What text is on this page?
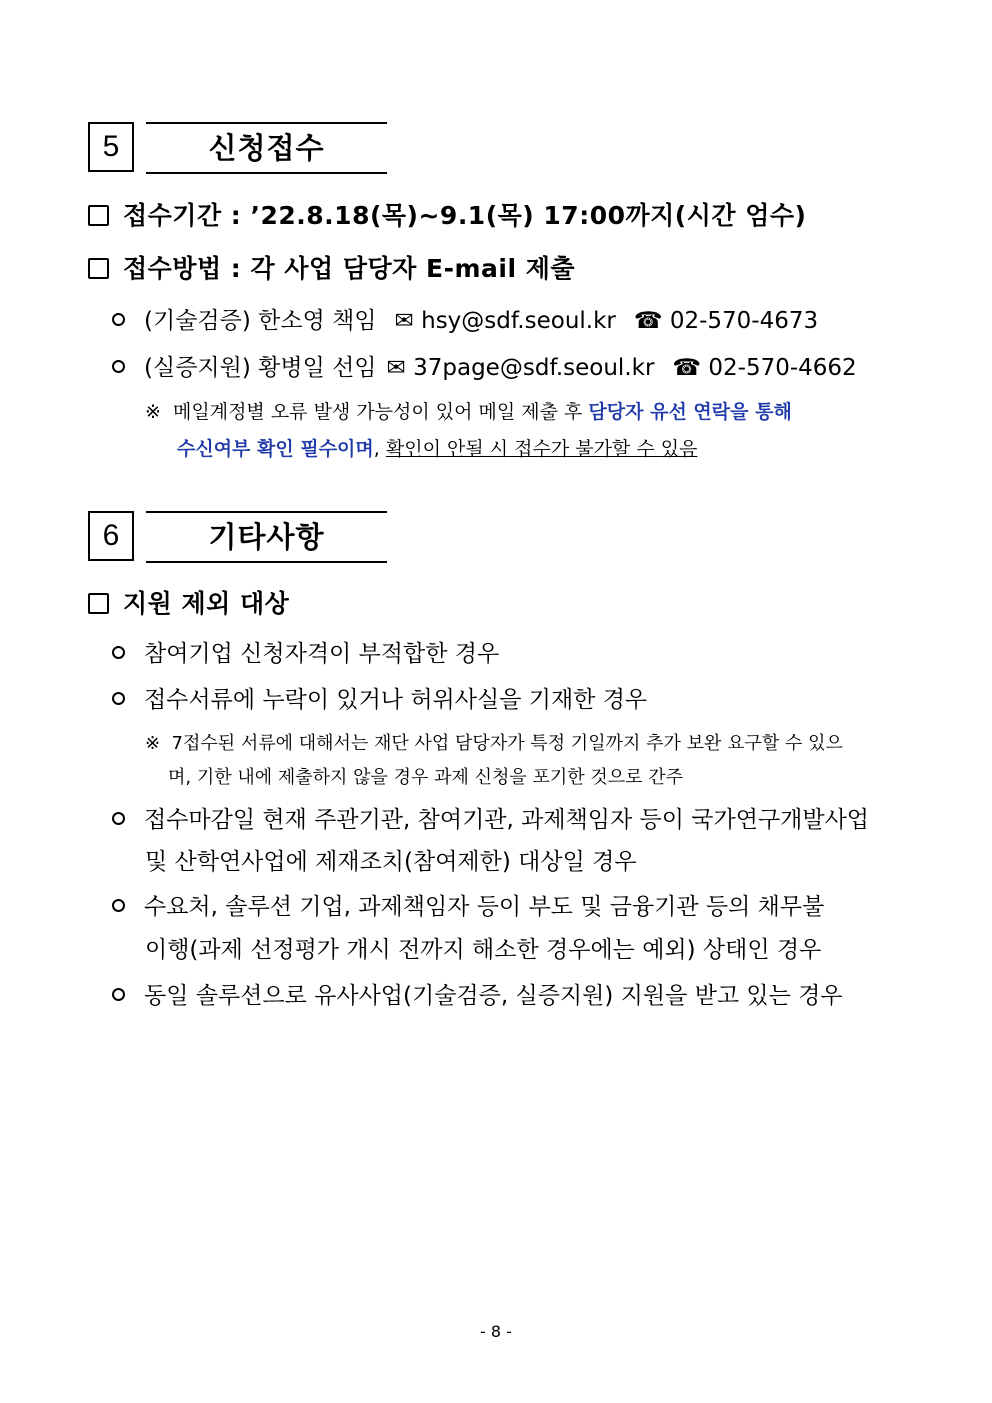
5	신청접수
접수기간 : ’22.8.18(목)~9.1(목) 17:00까지(시간 엄수)
접수방법 : 각 사업 담당자 E-mail 제출
(기술검증) 한소영 책임 ✉ hsy@sdf.seoul.kr ☎ 02-570-4673
(실증지원) 황병일 선임 ✉ 37page@sdf.seoul.kr ☎ 02-570-4662
※ 메일계정별 오류 발생 가능성이 있어 메일 제출 후 담당자 유선 연락을 통해
수신여부 확인 필수이며, 확인이 안될 시 접수가 불가할 수 있음
6	기타사항
지원 제외 대상
참여기업 신청자격이 부적합한 경우
접수서류에 누락이 있거나 허위사실을 기재한 경우
※ 7접수된 서류에 대해서는 재단 사업 담당자가 특정 기일까지 추가 보완 요구할 수 있으
며, 기한 내에 제출하지 않을 경우 과제 신청을 포기한 것으로 간주
접수마감일 현재 주관기관, 참여기관, 과제책임자 등이 국가연구개발사업
및 산학연사업에 제재조치(참여제한) 대상일 경우
수요처, 솔루션 기업, 과제책임자 등이 부도 및 금융기관 등의 채무불
이행(과제 선정평가 개시 전까지 해소한 경우에는 예외) 상태인 경우
동일 솔루션으로 유사사업(기술검증, 실증지원) 지원을 받고 있는 경우
- 8 -
